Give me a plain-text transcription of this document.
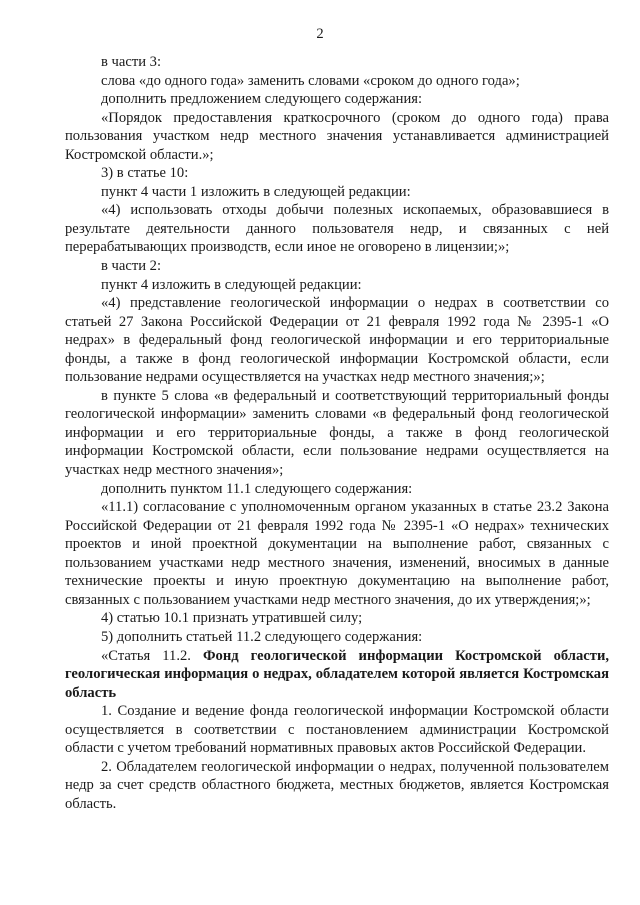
2

в части 3:

слова «до одного года» заменить словами «сроком до одного года»;

дополнить предложением следующего содержания:

«Порядок предоставления краткосрочного (сроком до одного года) права пользования участком недр местного значения устанавливается администрацией Костромской области.»;

3) в статье 10:

пункт 4 части 1 изложить в следующей редакции:

«4) использовать отходы добычи полезных ископаемых, образовавшиеся в результате деятельности данного пользователя недр, и связанных с ней перерабатывающих производств, если иное не оговорено в лицензии;»;

в части 2:

пункт 4 изложить в следующей редакции:

«4) представление геологической информации о недрах в соответствии со статьей 27 Закона Российской Федерации от 21 февраля 1992 года № 2395-1 «О недрах» в федеральный фонд геологической информации и его территориальные фонды, а также в фонд геологической информации Костромской области, если пользование недрами осуществляется на участках недр местного значения;»;

в пункте 5 слова «в федеральный и соответствующий территориальный фонды геологической информации» заменить словами «в федеральный фонд геологической информации и его территориальные фонды, а также в фонд геологической информации Костромской области, если пользование недрами осуществляется на участках недр местного значения»;

дополнить пунктом 11.1 следующего содержания:

«11.1) согласование с уполномоченным органом указанных в статье 23.2 Закона Российской Федерации от 21 февраля 1992 года № 2395-1 «О недрах» технических проектов и иной проектной документации на выполнение работ, связанных с пользованием участками недр местного значения, изменений, вносимых в данные технические проекты и иную проектную документацию на выполнение работ, связанных с пользованием участками недр местного значения, до их утверждения;»;

4) статью 10.1 признать утратившей силу;

5) дополнить статьей 11.2 следующего содержания:

«Статья 11.2. Фонд геологической информации Костромской области, геологическая информация о недрах, обладателем которой является Костромская область

1. Создание и ведение фонда геологической информации Костромской области осуществляется в соответствии с постановлением администрации Костромской области с учетом требований нормативных правовых актов Российской Федерации.

2. Обладателем геологической информации о недрах, полученной пользователем недр за счет средств областного бюджета, местных бюджетов, является Костромская область.
